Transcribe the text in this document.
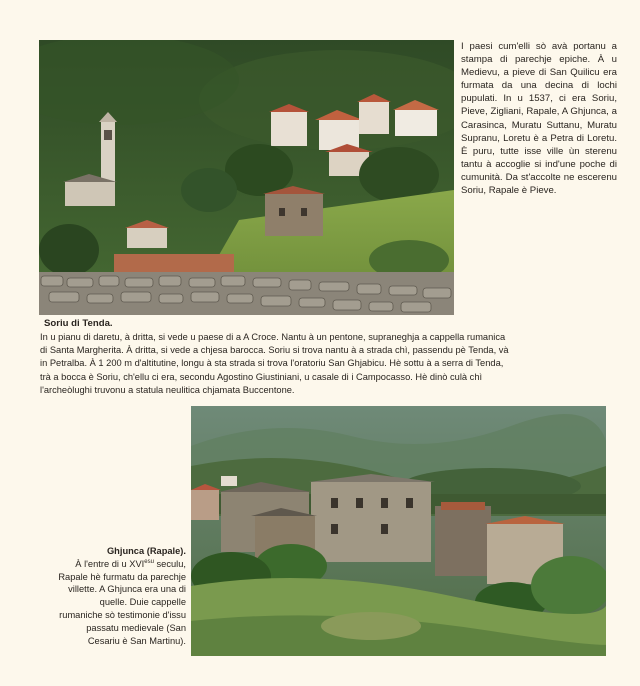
I paesi cum'elli sò avà portanu a stampa di parechje epiche. À u Medievu, a pieve di San Quilicu era furmata da una decina di lochi pupulati. In u 1537, ci era Soriu, Pieve, Zigliani, Rapale, A Ghjunca, a Carasinca, Muratu Suttanu, Muratu Supranu, Loretu è a Petra di Loretu. È puru, tutte isse ville ùn sterenu tantu à accoglie si ind'une poche di cumunità. Da st'accolte ne escerenu Soriu, Rapale è Pieve.

Soriu di Tenda.

In u pianu di daretu, à dritta, si vede u paese di a A Croce. Nantu à un pentone, supraneghja a cappella rumanica di Santa Margherita. À dritta, si vede a chjesa barocca. Soriu si trova nantu à a strada chì, passendu pè Tenda, và in Petralba. À 1 200 m d'altitutine, longu à sta strada si trova l'oratoriu San Ghjabicu. Hè sottu à a serra di Tenda, trà a bocca è Soriu, ch'ellu ci era, secondu Agostino Giustiniani, u casale di i Campocasso. Hè dinò culà chì l'archeòlughi truvonu a statula neulitica chjamata Buccentone.

Ghjunca (Rapale).
À l'entre di u $XVI^{esu}$ seculu, Rapale hè furmatu da parechje villette. A Ghjunca era una di quelle. Duie cappelle rumaniche sò testimonie d'issu passatu medievale (San Cesariu è San Martinu).
